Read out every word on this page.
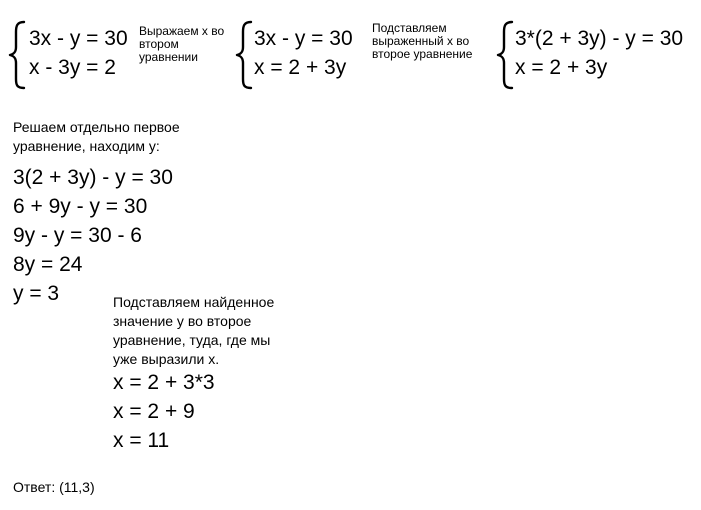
3x - y = 30
x - 3y = 2
Выражаем x во
втором
уравнении
3x - y = 30
x = 2 + 3y
Подставляем
выраженный x во
второе уравнение
3*(2 + 3y) - y = 30
x = 2 + 3y
Решаем отдельно первое
уравнение, находим y:
3(2 + 3y) - y = 30
6 + 9y - y = 30
9y - y = 30 - 6
8y = 24
y = 3	Подставляем найденное
значение y во второе
уравнение, туда, где мы
уже выразили x.
x = 2 + 3*3
x = 2 + 9
x = 11
Ответ: (11,3)
